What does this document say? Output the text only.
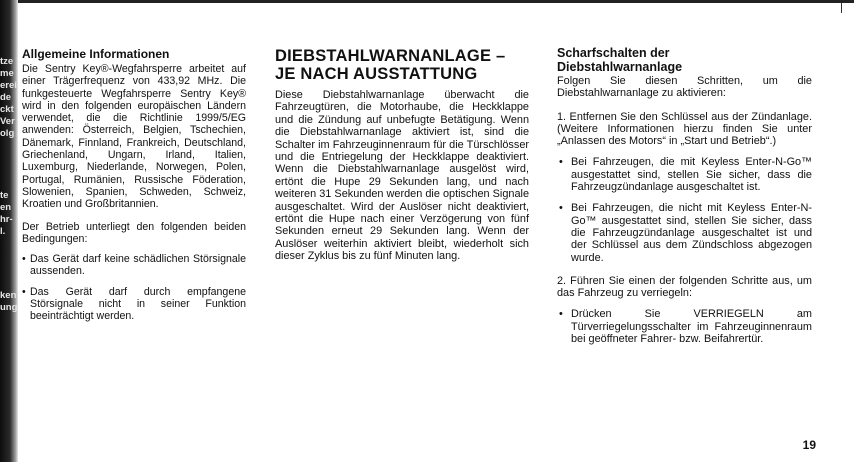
tze
me
erei
de
ckt
Ver
olg
te
en
hr-
l.
ken
ung
Allgemeine Informationen

Die Sentry Key®-Wegfahrsperre arbeitet auf einer Trägerfrequenz von 433,92 MHz. Die funkgesteuerte Wegfahrsperre Sentry Key® wird in den folgenden europäischen Ländern verwendet, die die Richtlinie 1999/5/EG anwenden: Österreich, Belgien, Tschechien, Dänemark, Finnland, Frankreich, Deutschland, Griechenland, Ungarn, Irland, Italien, Luxemburg, Niederlande, Norwegen, Polen, Portugal, Rumänien, Russische Föderation, Slowenien, Spanien, Schweden, Schweiz, Kroatien und Großbritannien.

Der Betrieb unterliegt den folgenden beiden Bedingungen:

• Das Gerät darf keine schädlichen Störsignale aussenden.
• Das Gerät darf durch empfangene Störsignale nicht in seiner Funktion beeinträchtigt werden.
DIEBSTAHLWARNANLAGE –
JE NACH AUSSTATTUNG

Diese Diebstahlwarnanlage überwacht die Fahrzeugtüren, die Motorhaube, die Heckklappe und die Zündung auf unbefugte Betätigung. Wenn die Diebstahlwarnanlage aktiviert ist, sind die Schalter im Fahrzeuginnenraum für die Türschlösser und die Entriegelung der Heckklappe deaktiviert. Wenn die Diebstahlwarnanlage ausgelöst wird, ertönt die Hupe 29 Sekunden lang, und nach weiteren 31 Sekunden werden die optischen Signale ausgeschaltet. Wird der Auslöser nicht deaktiviert, ertönt die Hupe nach einer Verzögerung von fünf Sekunden erneut 29 Sekunden lang. Wenn der Auslöser weiterhin aktiviert bleibt, wiederholt sich dieser Zyklus bis zu fünf Minuten lang.

Scharfschalten der
Diebstahlwarnanlage

Folgen Sie diesen Schritten, um die Diebstahlwarnanlage zu aktivieren:

1. Entfernen Sie den Schlüssel aus der Zündanlage. (Weitere Informationen hierzu finden Sie unter „Anlassen des Motors“ in „Start und Betrieb“.)

• Bei Fahrzeugen, die mit Keyless Enter-N-Go™ ausgestattet sind, stellen Sie sicher, dass die Fahrzeugzündanlage ausgeschaltet ist.
• Bei Fahrzeugen, die nicht mit Keyless Enter-N-Go™ ausgestattet sind, stellen Sie sicher, dass die Fahrzeugzündanlage ausgeschaltet ist und der Schlüssel aus dem Zündschloss abgezogen wurde.

2. Führen Sie einen der folgenden Schritte aus, um das Fahrzeug zu verriegeln:

• Drücken Sie VERRIEGELN am Türverriegelungsschalter im Fahrzeuginnenraum bei geöffneter Fahrer- bzw. Beifahrertür.
19
